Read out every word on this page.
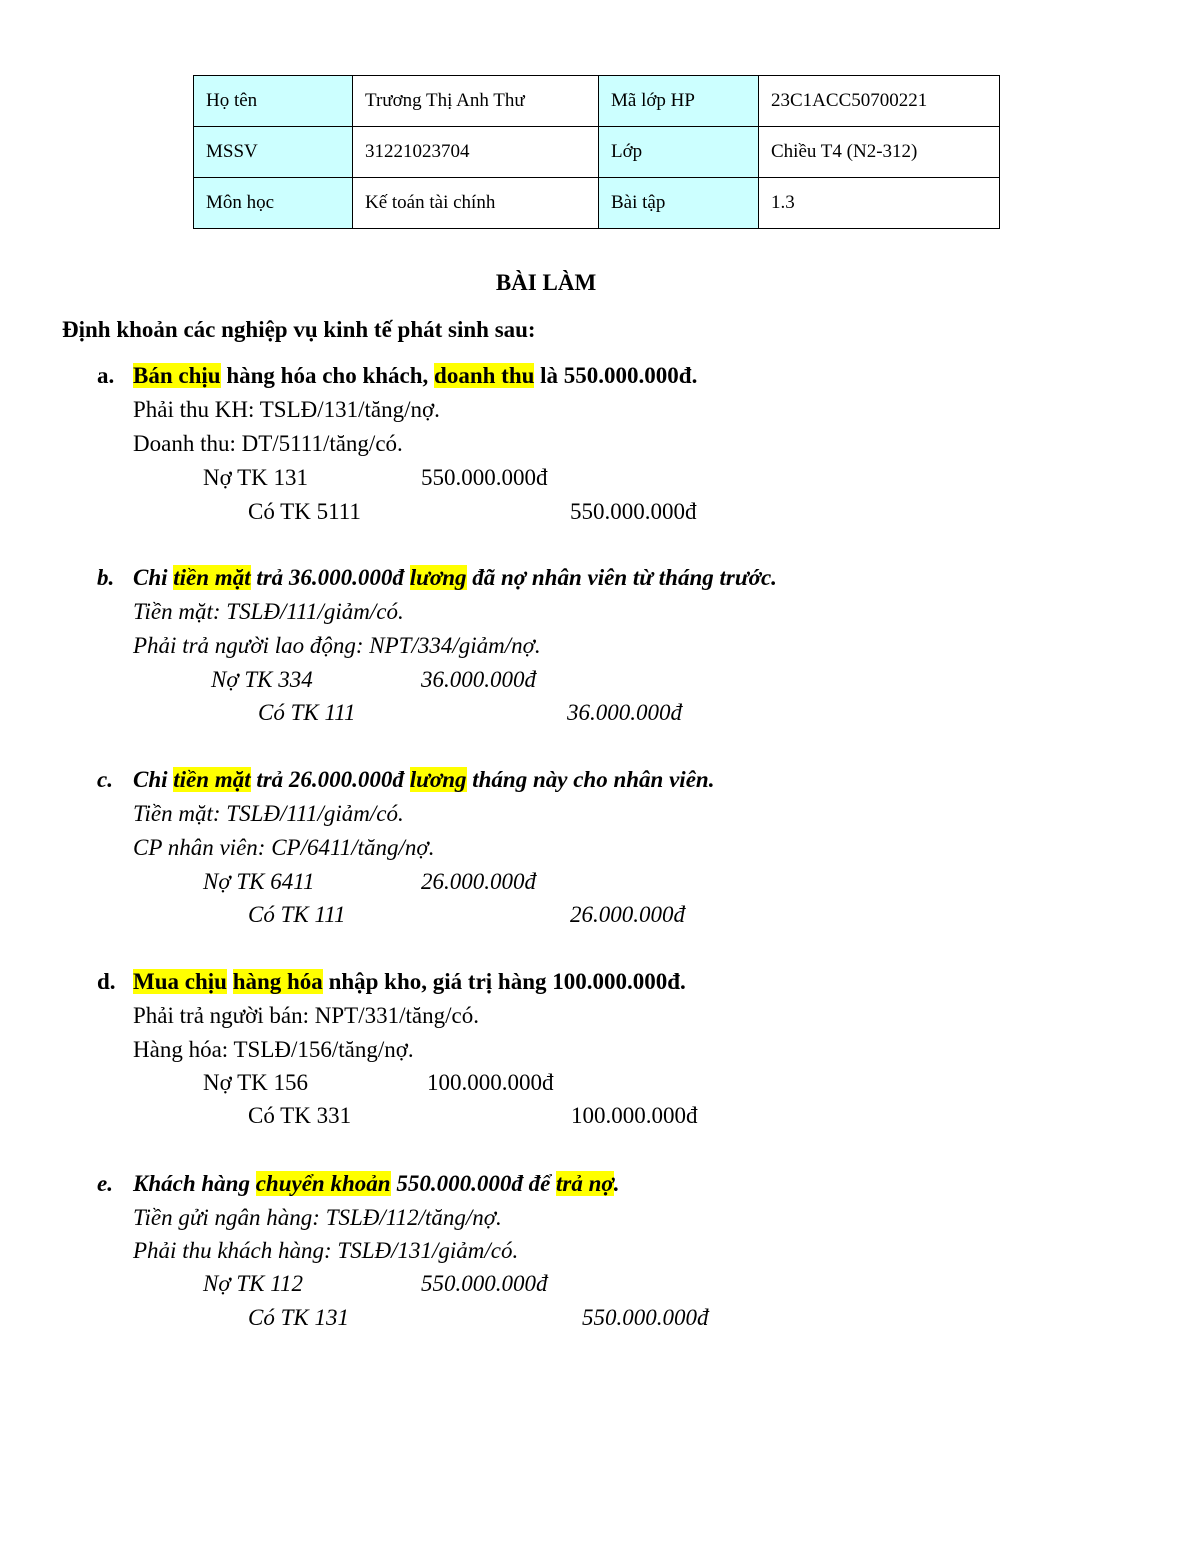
Họ tên	Trương Thị Anh Thư	Mã lớp HP	23C1ACC50700221
MSSV	31221023704	Lớp	Chiều T4 (N2-312)
Môn học	Kế toán tài chính	Bài tập	1.3
BÀI LÀM
Định khoản các nghiệp vụ kinh tế phát sinh sau:
a. Bán chịu hàng hóa cho khách, doanh thu là 550.000.000đ.
Phải thu KH: TSLĐ/131/tăng/nợ.
Doanh thu: DT/5111/tăng/có.
Nợ TK 131	550.000.000đ
Có TK 5111	550.000.000đ
b. Chi tiền mặt trả 36.000.000đ lương đã nợ nhân viên từ tháng trước.
Tiền mặt: TSLĐ/111/giảm/có.
Phải trả người lao động: NPT/334/giảm/nợ.
Nợ TK 334	36.000.000đ
Có TK 111	36.000.000đ
c. Chi tiền mặt trả 26.000.000đ lương tháng này cho nhân viên.
Tiền mặt: TSLĐ/111/giảm/có.
CP nhân viên: CP/6411/tăng/nợ.
Nợ TK 6411	26.000.000đ
Có TK 111	26.000.000đ
d. Mua chịu hàng hóa nhập kho, giá trị hàng 100.000.000đ.
Phải trả người bán: NPT/331/tăng/có.
Hàng hóa: TSLĐ/156/tăng/nợ.
Nợ TK 156	100.000.000đ
Có TK 331	100.000.000đ
e. Khách hàng chuyển khoản 550.000.000đ để trả nợ.
Tiền gửi ngân hàng: TSLĐ/112/tăng/nợ.
Phải thu khách hàng: TSLĐ/131/giảm/có.
Nợ TK 112	550.000.000đ
Có TK 131	550.000.000đ
